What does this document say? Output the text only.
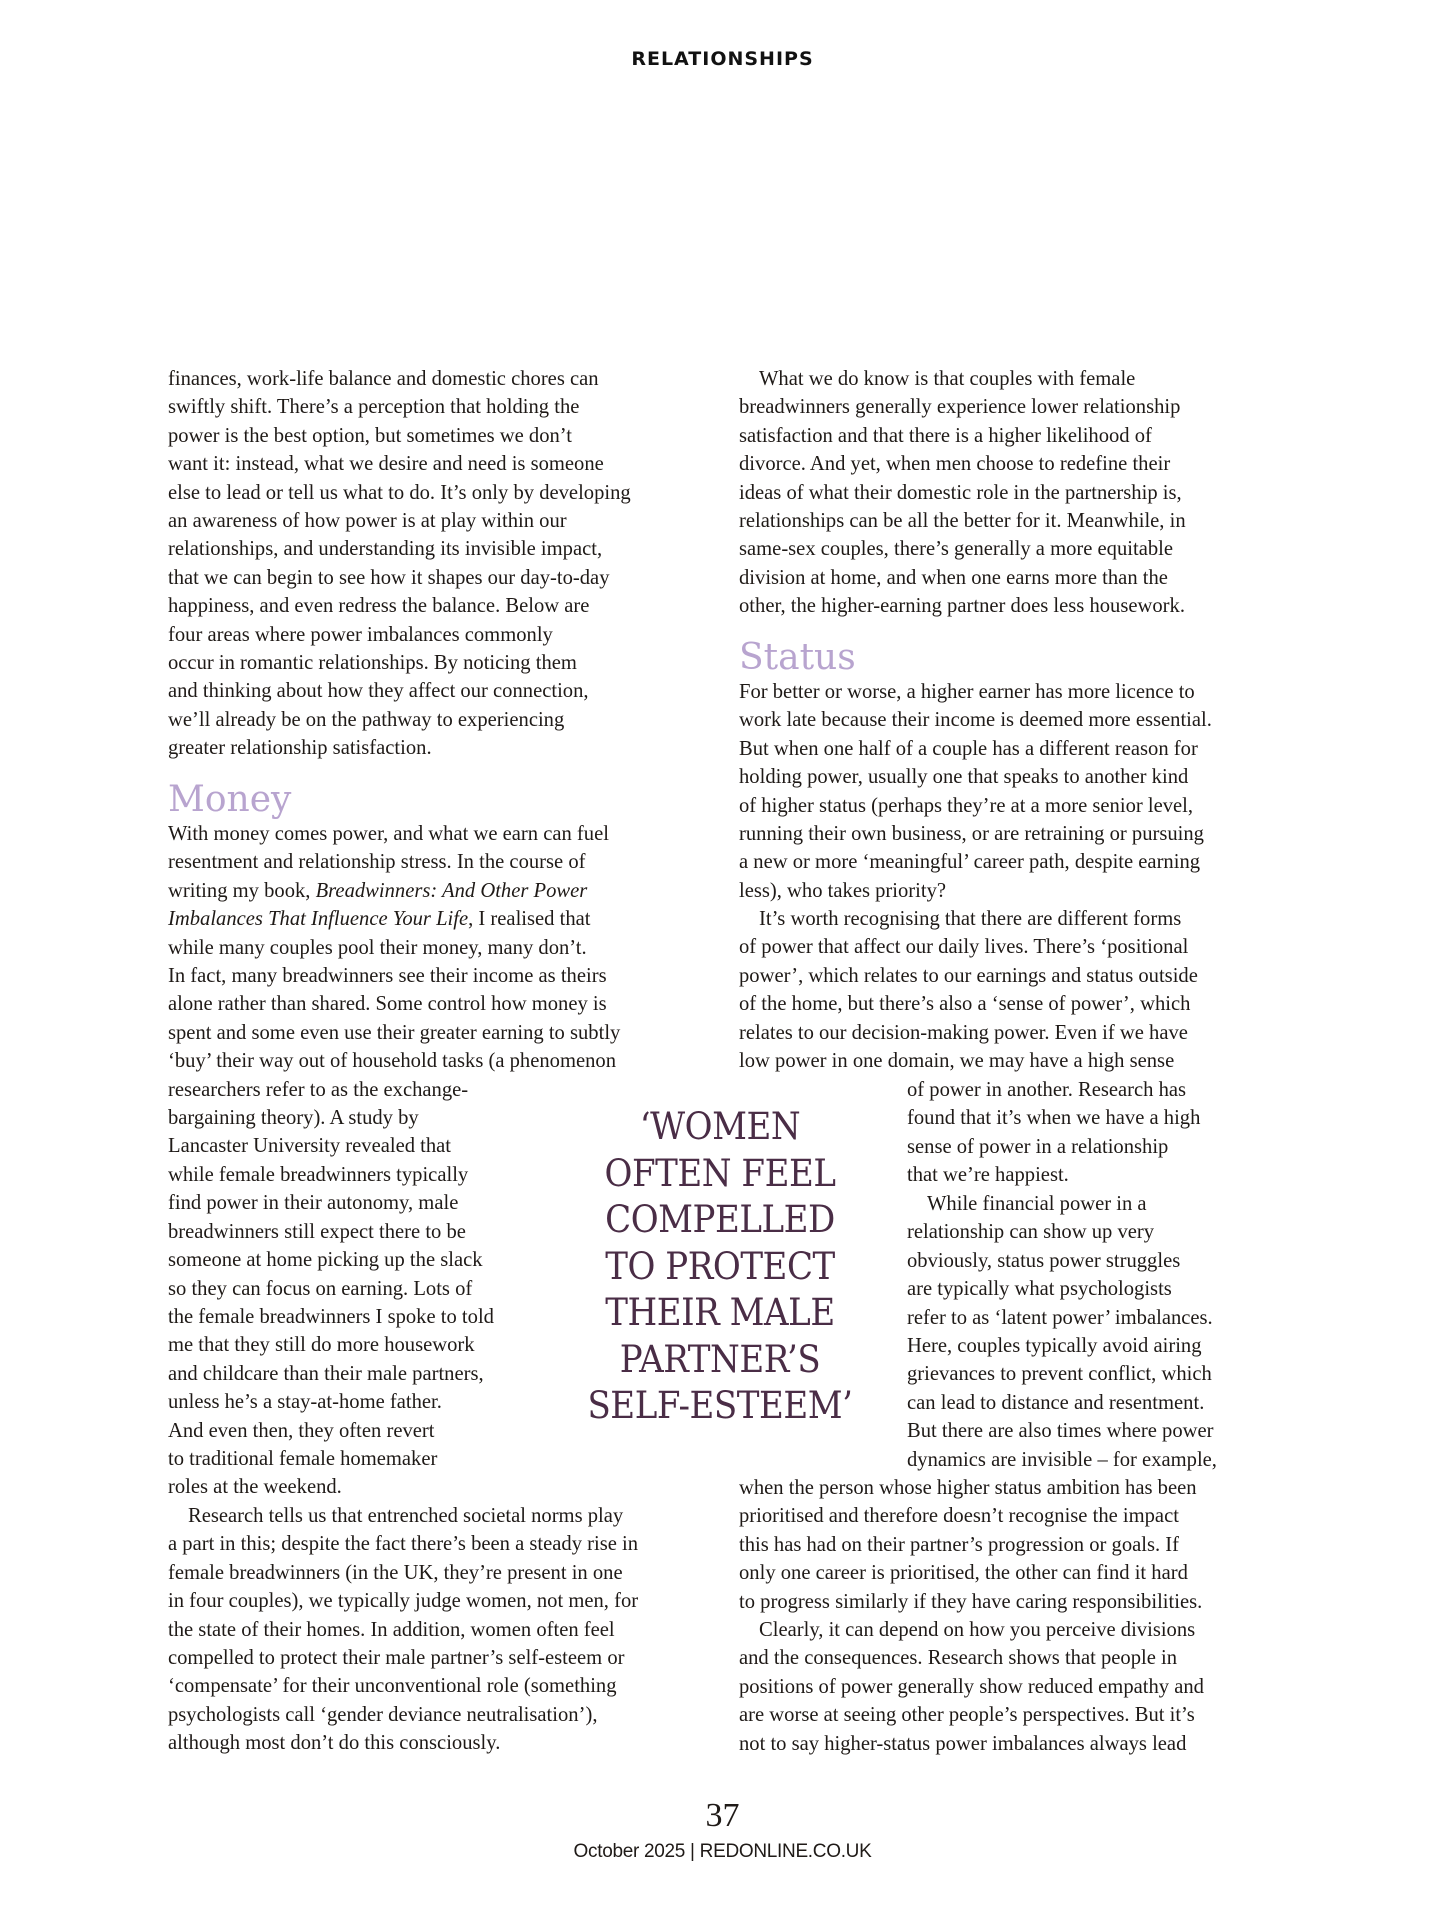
RELATIONSHIPS
finances, work-life balance and domestic chores can
swiftly shift. There’s a perception that holding the
power is the best option, but sometimes we don’t
want it: instead, what we desire and need is someone
else to lead or tell us what to do. It’s only by developing
an awareness of how power is at play within our
relationships, and understanding its invisible impact,
that we can begin to see how it shapes our day-to-day
happiness, and even redress the balance. Below are
four areas where power imbalances commonly
occur in romantic relationships. By noticing them
and thinking about how they affect our connection,
we’ll already be on the pathway to experiencing
greater relationship satisfaction.
Money
With money comes power, and what we earn can fuel
resentment and relationship stress. In the course of
writing my book, Breadwinners: And Other Power
Imbalances That Influence Your Life, I realised that
while many couples pool their money, many don’t.
In fact, many breadwinners see their income as theirs
alone rather than shared. Some control how money is
spent and some even use their greater earning to subtly
‘buy’ their way out of household tasks (a phenomenon
researchers refer to as the exchange-
bargaining theory). A study by
Lancaster University revealed that
while female breadwinners typically
find power in their autonomy, male
breadwinners still expect there to be
someone at home picking up the slack
so they can focus on earning. Lots of
the female breadwinners I spoke to told
me that they still do more housework
and childcare than their male partners,
unless he’s a stay-at-home father.
And even then, they often revert
to traditional female homemaker
roles at the weekend.
Research tells us that entrenched societal norms play
a part in this; despite the fact there’s been a steady rise in
female breadwinners (in the UK, they’re present in one
in four couples), we typically judge women, not men, for
the state of their homes. In addition, women often feel
compelled to protect their male partner’s self-esteem or
‘compensate’ for their unconventional role (something
psychologists call ‘gender deviance neutralisation’),
although most don’t do this consciously.
‘WOMEN
OFTEN FEEL
COMPELLED
TO PROTECT
THEIR MALE
PARTNER’S
SELF-ESTEEM’
What we do know is that couples with female
breadwinners generally experience lower relationship
satisfaction and that there is a higher likelihood of
divorce. And yet, when men choose to redefine their
ideas of what their domestic role in the partnership is,
relationships can be all the better for it. Meanwhile, in
same-sex couples, there’s generally a more equitable
division at home, and when one earns more than the
other, the higher-earning partner does less housework.
Status
For better or worse, a higher earner has more licence to
work late because their income is deemed more essential.
But when one half of a couple has a different reason for
holding power, usually one that speaks to another kind
of higher status (perhaps they’re at a more senior level,
running their own business, or are retraining or pursuing
a new or more ‘meaningful’ career path, despite earning
less), who takes priority?
It’s worth recognising that there are different forms
of power that affect our daily lives. There’s ‘positional
power’, which relates to our earnings and status outside
of the home, but there’s also a ‘sense of power’, which
relates to our decision-making power. Even if we have
low power in one domain, we may have a high sense
of power in another. Research has
found that it’s when we have a high
sense of power in a relationship
that we’re happiest.
While financial power in a
relationship can show up very
obviously, status power struggles
are typically what psychologists
refer to as ‘latent power’ imbalances.
Here, couples typically avoid airing
grievances to prevent conflict, which
can lead to distance and resentment.
But there are also times where power
dynamics are invisible – for example,
when the person whose higher status ambition has been
prioritised and therefore doesn’t recognise the impact
this has had on their partner’s progression or goals. If
only one career is prioritised, the other can find it hard
to progress similarly if they have caring responsibilities.
Clearly, it can depend on how you perceive divisions
and the consequences. Research shows that people in
positions of power generally show reduced empathy and
are worse at seeing other people’s perspectives. But it’s
not to say higher-status power imbalances always lead
37
October 2025 | REDONLINE.CO.UK
